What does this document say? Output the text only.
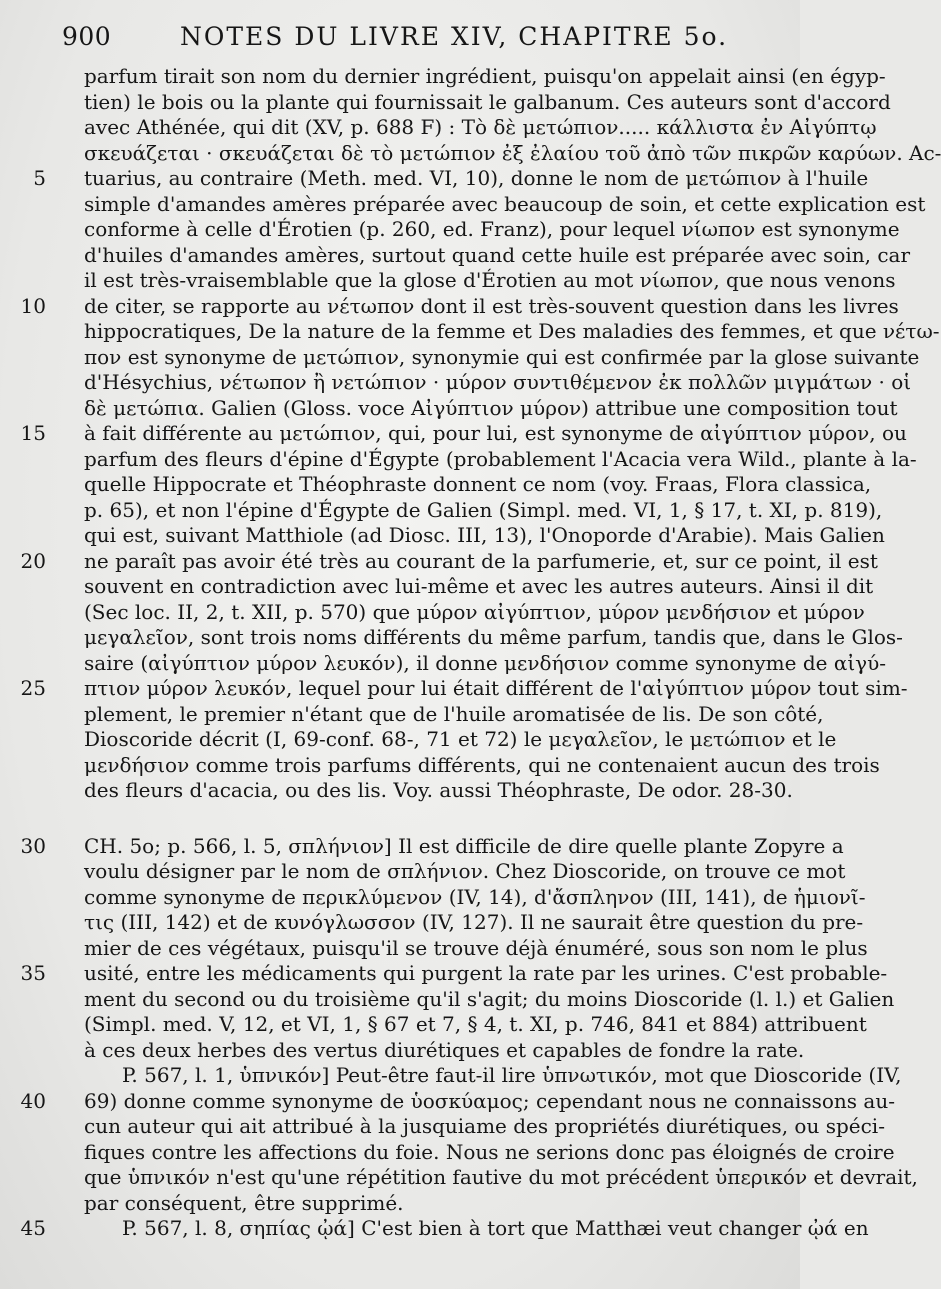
900	NOTES DU LIVRE XIV, CHAPITRE 5o.
parfum tirait son nom du dernier ingrédient, puisqu'on appelait ainsi (en égyp-
tien) le bois ou la plante qui fournissait le galbanum. Ces auteurs sont d'accord
avec Athénée, qui dit (XV, p. 688 F) : Τὸ δὲ μετώπιον..... κάλλιστα ἐν Αἰγύπτῳ
σκευάζεται · σκευάζεται δὲ τὸ μετώπιον ἐξ ἐλαίου τοῦ ἀπὸ τῶν πικρῶν καρύων. Ac-
5 tuarius, au contraire (Meth. med. VI, 10), donne le nom de μετώπιον à l'huile
simple d'amandes amères préparée avec beaucoup de soin, et cette explication est
conforme à celle d'Érotien (p. 260, ed. Franz), pour lequel νίωπον est synonyme
d'huiles d'amandes amères, surtout quand cette huile est préparée avec soin, car
il est très-vraisemblable que la glose d'Érotien au mot νίωπον, que nous venons
10 de citer, se rapporte au νέτωπον dont il est très-souvent question dans les livres
hippocratiques, De la nature de la femme et Des maladies des femmes, et que νέτω-
πον est synonyme de μετώπιον, synonymie qui est confirmée par la glose suivante
d'Hésychius, νέτωπον ἢ νετώπιον · μύρον συντιθέμενον ἐκ πολλῶν μιγμάτων · οἱ
δὲ μετώπια. Galien (Gloss. voce Αἰγύπτιον μύρον) attribue une composition tout
15 à fait différente au μετώπιον, qui, pour lui, est synonyme de αἰγύπτιον μύρον, ou
parfum des fleurs d'épine d'Égypte (probablement l'Acacia vera Wild., plante à la-
quelle Hippocrate et Théophraste donnent ce nom (voy. Fraas, Flora classica,
p. 65), et non l'épine d'Égypte de Galien (Simpl. med. VI, 1, § 17, t. XI, p. 819),
qui est, suivant Matthiole (ad Diosc. III, 13), l'Onoporde d'Arabie). Mais Galien
20 ne paraît pas avoir été très au courant de la parfumerie, et, sur ce point, il est
souvent en contradiction avec lui-même et avec les autres auteurs. Ainsi il dit
(Sec loc. II, 2, t. XII, p. 570) que μύρον αἰγύπτιον, μύρον μενδήσιον et μύρον
μεγαλεῖον, sont trois noms différents du même parfum, tandis que, dans le Glos-
saire (αἰγύπτιον μύρον λευκόν), il donne μενδήσιον comme synonyme de αἰγύ-
25 πτιον μύρον λευκόν, lequel pour lui était différent de l'αἰγύπτιον μύρον tout sim-
plement, le premier n'étant que de l'huile aromatisée de lis. De son côté,
Dioscoride décrit (I, 69-conf. 68-, 71 et 72) le μεγαλεῖον, le μετώπιον et le
μενδήσιον comme trois parfums différents, qui ne contenaient aucun des trois
des fleurs d'acacia, ou des lis. Voy. aussi Théophraste, De odor. 28-30.
30 CH. 5o; p. 566, l. 5, σπλήνιον] Il est difficile de dire quelle plante Zopyre a
voulu désigner par le nom de σπλήνιον. Chez Dioscoride, on trouve ce mot
comme synonyme de περικλύμενον (IV, 14), d'ἄσπληνον (III, 141), de ἡμιονῖ-
τις (III, 142) et de κυνόγλωσσον (IV, 127). Il ne saurait être question du pre-
mier de ces végétaux, puisqu'il se trouve déjà énuméré, sous son nom le plus
35 usité, entre les médicaments qui purgent la rate par les urines. C'est probable-
ment du second ou du troisième qu'il s'agit; du moins Dioscoride (l. l.) et Galien
(Simpl. med. V, 12, et VI, 1, § 67 et 7, § 4, t. XI, p. 746, 841 et 884) attribuent
à ces deux herbes des vertus diurétiques et capables de fondre la rate.
P. 567, l. 1, ὑπνικόν] Peut-être faut-il lire ὑπνωτικόν, mot que Dioscoride (IV,
40 69) donne comme synonyme de ὑοσκύαμος; cependant nous ne connaissons au-
cun auteur qui ait attribué à la jusquiame des propriétés diurétiques, ou spéci-
fiques contre les affections du foie. Nous ne serions donc pas éloignés de croire
que ὑπνικόν n'est qu'une répétition fautive du mot précédent ὑπερικόν et devrait,
par conséquent, être supprimé.
45	P. 567, l. 8, σηπίας ᾠά] C'est bien à tort que Matthæi veut changer ᾠά en
